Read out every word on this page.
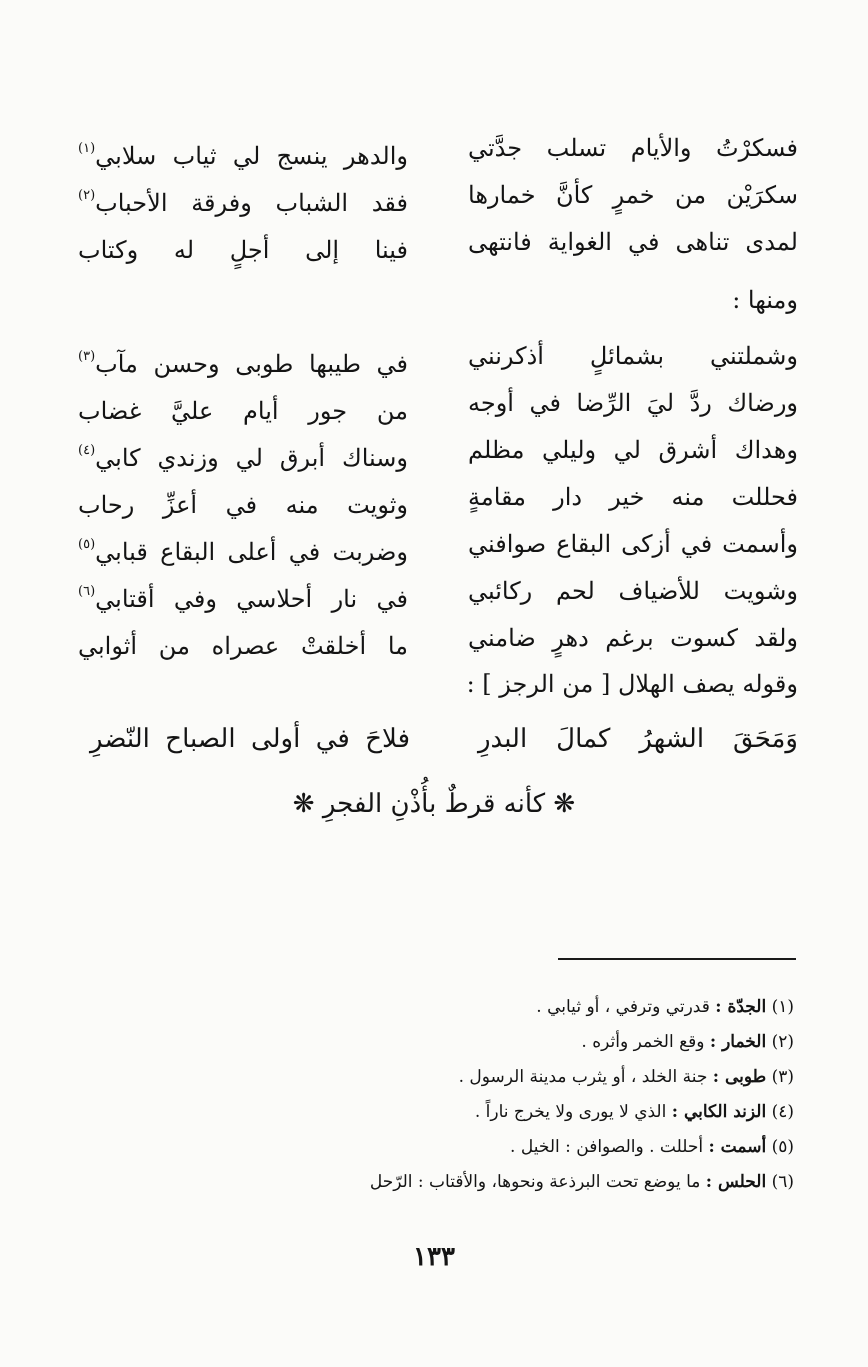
فسكرْتُ والأيام تسلب جدَّتي
والدهر ينسج لي ثياب سلابي$^{(١)}$
سكرَيْن من خمرٍ كأنَّ خمارها
فقد الشباب وفرقة الأحباب$^{(٢)}$
لمدى تناهى في الغواية فانتهى
فينا إلى أجلٍ له وكتاب
ومنها :
وشملتني بشمائلٍ أذكرنني
في طيبها طوبى وحسن مآب$^{(٣)}$
ورضاك ردَّ ليَ الرِّضا في أوجه
من جور أيام عليَّ غضاب
وهداك أشرق لي وليلي مظلم
وسناك أبرق لي وزندي كابي$^{(٤)}$
فحللت منه خير دار مقامةٍ
وثويت منه في أعزِّ رحاب
وأسمت في أزكى البقاع صوافني
وضربت في أعلى البقاع قبابي$^{(٥)}$
وشويت للأضياف لحم ركائبي
في نار أحلاسي وفي أقتابي$^{(٦)}$
ولقد كسوت برغم دهرٍ ضامني
ما أخلقتْ عصراه من أثوابي
وقوله يصف الهلال [ من الرجز ] :
وَمَحَقَ الشهرُ كمالَ البدرِ
فلاحَ في أولى الصباح النّضرِ
❋ كأنه قرطٌ بأُذْنِ الفجرِ ❋
(١) الجدّة : قدرتي وترفي ، أو ثيابي .
(٢) الخمار : وقع الخمر وأثره .
(٣) طوبى : جنة الخلد ، أو يثرب مدينة الرسول .
(٤) الزند الكابي : الذي لا يورى ولا يخرج ناراً .
(٥) أسمت : أحللت . والصوافن : الخيل .
(٦) الحلس : ما يوضع تحت البرذعة ونحوها، والأقتاب : الرّحل
١٣٣
